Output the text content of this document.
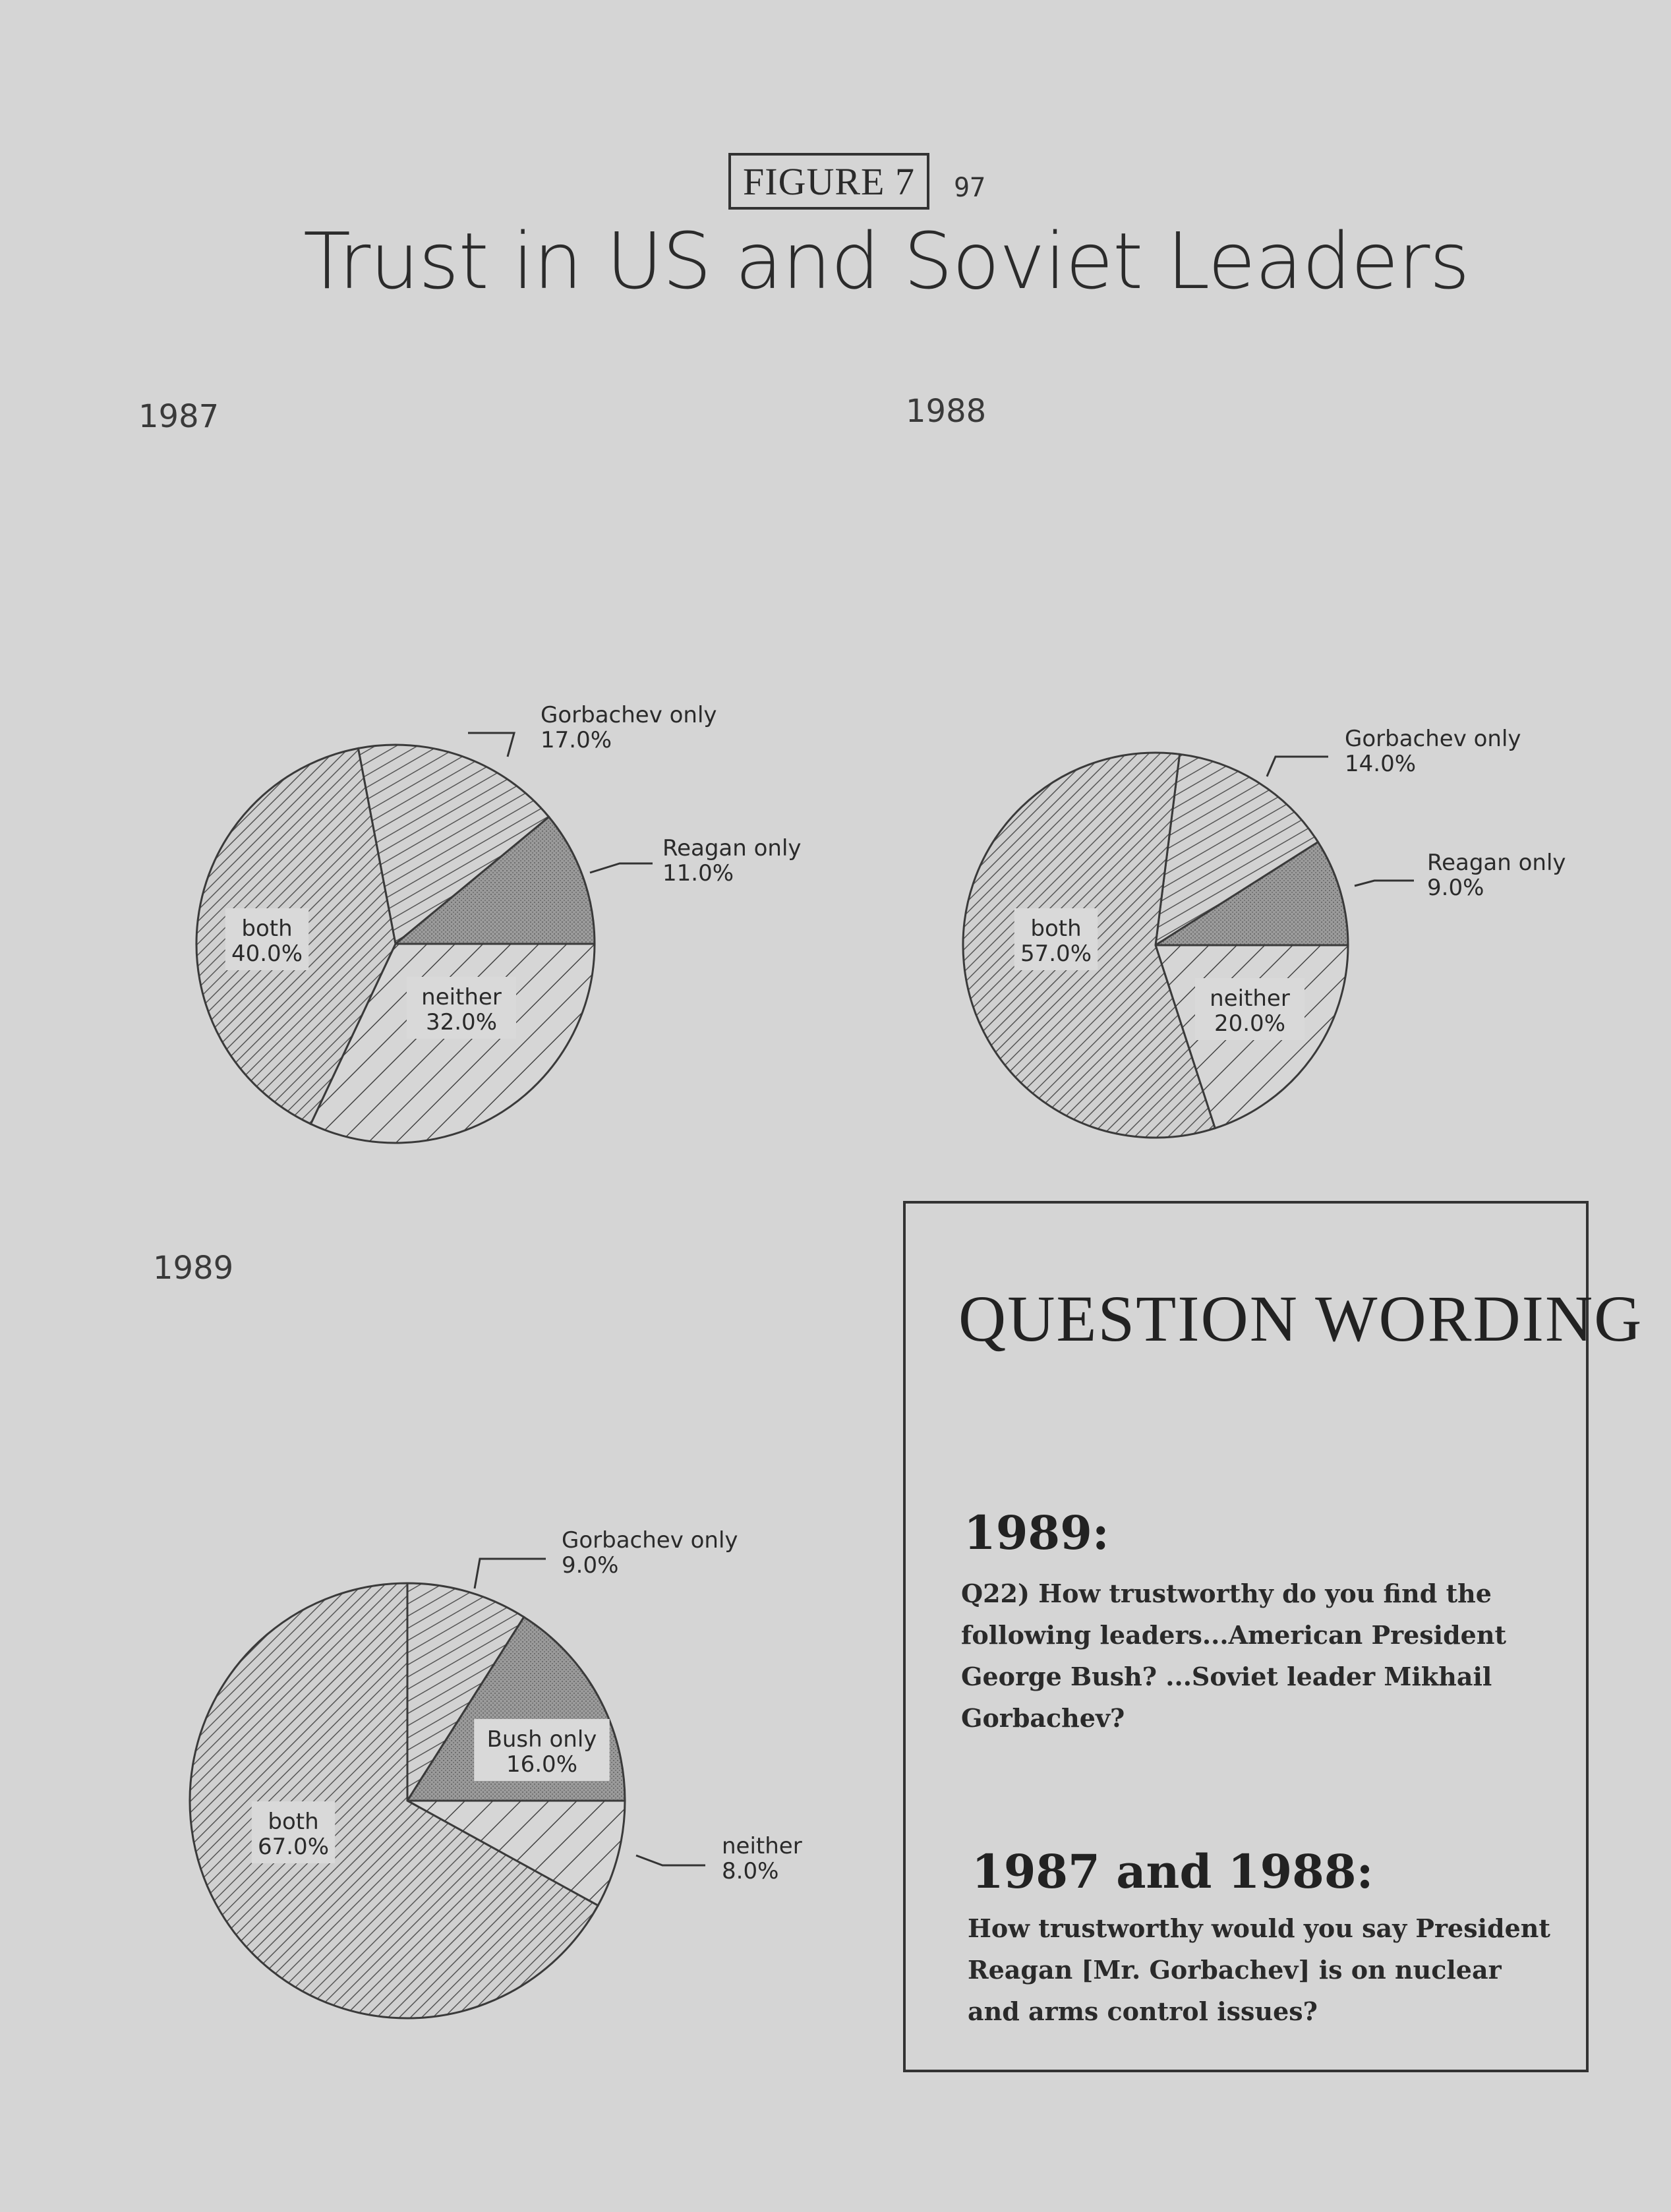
FIGURE 7	97
Trust in US and Soviet Leaders
1987	1988
1989
Gorbachev only
17.0%
Reagan only
11.0%
neither
32.0%
both
40.0%
Gorbachev only
14.0%
Reagan only
9.0%
neither
20.0%
both
57.0%
Gorbachev only
9.0%
Bush only
16.0%
neither
8.0%
both
67.0%
QUESTION WORDING
1989:
Q22) How trustworthy do you find the
following leaders...American President
George Bush? ...Soviet leader Mikhail
Gorbachev?
1987 and 1988:
How trustworthy would you say President
Reagan [Mr. Gorbachev] is on nuclear
and arms control issues?
